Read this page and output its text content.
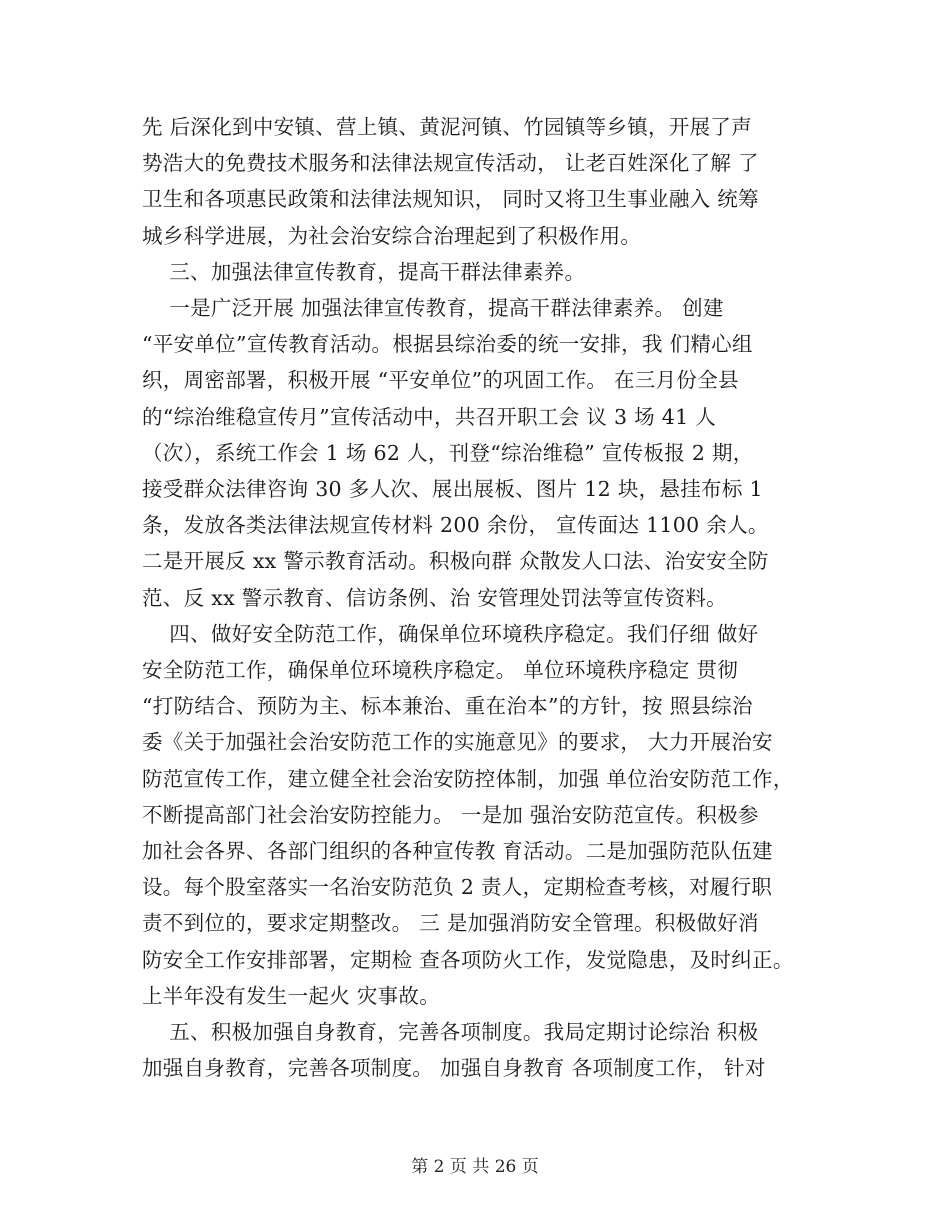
先 后深化到中安镇、营上镇、黄泥河镇、竹园镇等乡镇，开展了声
势浩大的免费技术服务和法律法规宣传活动， 让老百姓深化了解 了
卫生和各项惠民政策和法律法规知识， 同时又将卫生事业融入 统筹
城乡科学进展，为社会治安综合治理起到了积极作用。
三、加强法律宣传教育，提高干群法律素养。
一是广泛开展 加强法律宣传教育，提高干群法律素养。 创建
“平安单位”宣传教育活动。根据县综治委的统一安排，我 们精心组
织，周密部署，积极开展 “平安单位”的巩固工作。 在三月份全县
的“综治维稳宣传月”宣传活动中，共召开职工会 议 3 场 41 人
（次），系统工作会 1 场 62 人，刊登“综治维稳” 宣传板报 2 期，
接受群众法律咨询 30 多人次、展出展板、图片 12 块，悬挂布标 1
条，发放各类法律法规宣传材料 200 余份， 宣传面达 1100 余人。
二是开展反 xx 警示教育活动。积极向群 众散发人口法、治安安全防
范、反 xx 警示教育、信访条例、治 安管理处罚法等宣传资料。
四、做好安全防范工作，确保单位环境秩序稳定。我们仔细 做好
安全防范工作，确保单位环境秩序稳定。 单位环境秩序稳定 贯彻
“打防结合、预防为主、标本兼治、重在治本”的方针，按 照县综治
委《关于加强社会治安防范工作的实施意见》的要求， 大力开展治安
防范宣传工作，建立健全社会治安防控体制，加强 单位治安防范工作，
不断提高部门社会治安防控能力。 一是加 强治安防范宣传。积极参
加社会各界、各部门组织的各种宣传教 育活动。二是加强防范队伍建
设。每个股室落实一名治安防范负 2 责人，定期检查考核，对履行职
责不到位的，要求定期整改。 三 是加强消防安全管理。积极做好消
防安全工作安排部署，定期检 查各项防火工作，发觉隐患，及时纠正。
上半年没有发生一起火 灾事故。
五、积极加强自身教育，完善各项制度。我局定期讨论综治 积极
加强自身教育，完善各项制度。 加强自身教育 各项制度工作， 针对
第 2 页 共 26 页
